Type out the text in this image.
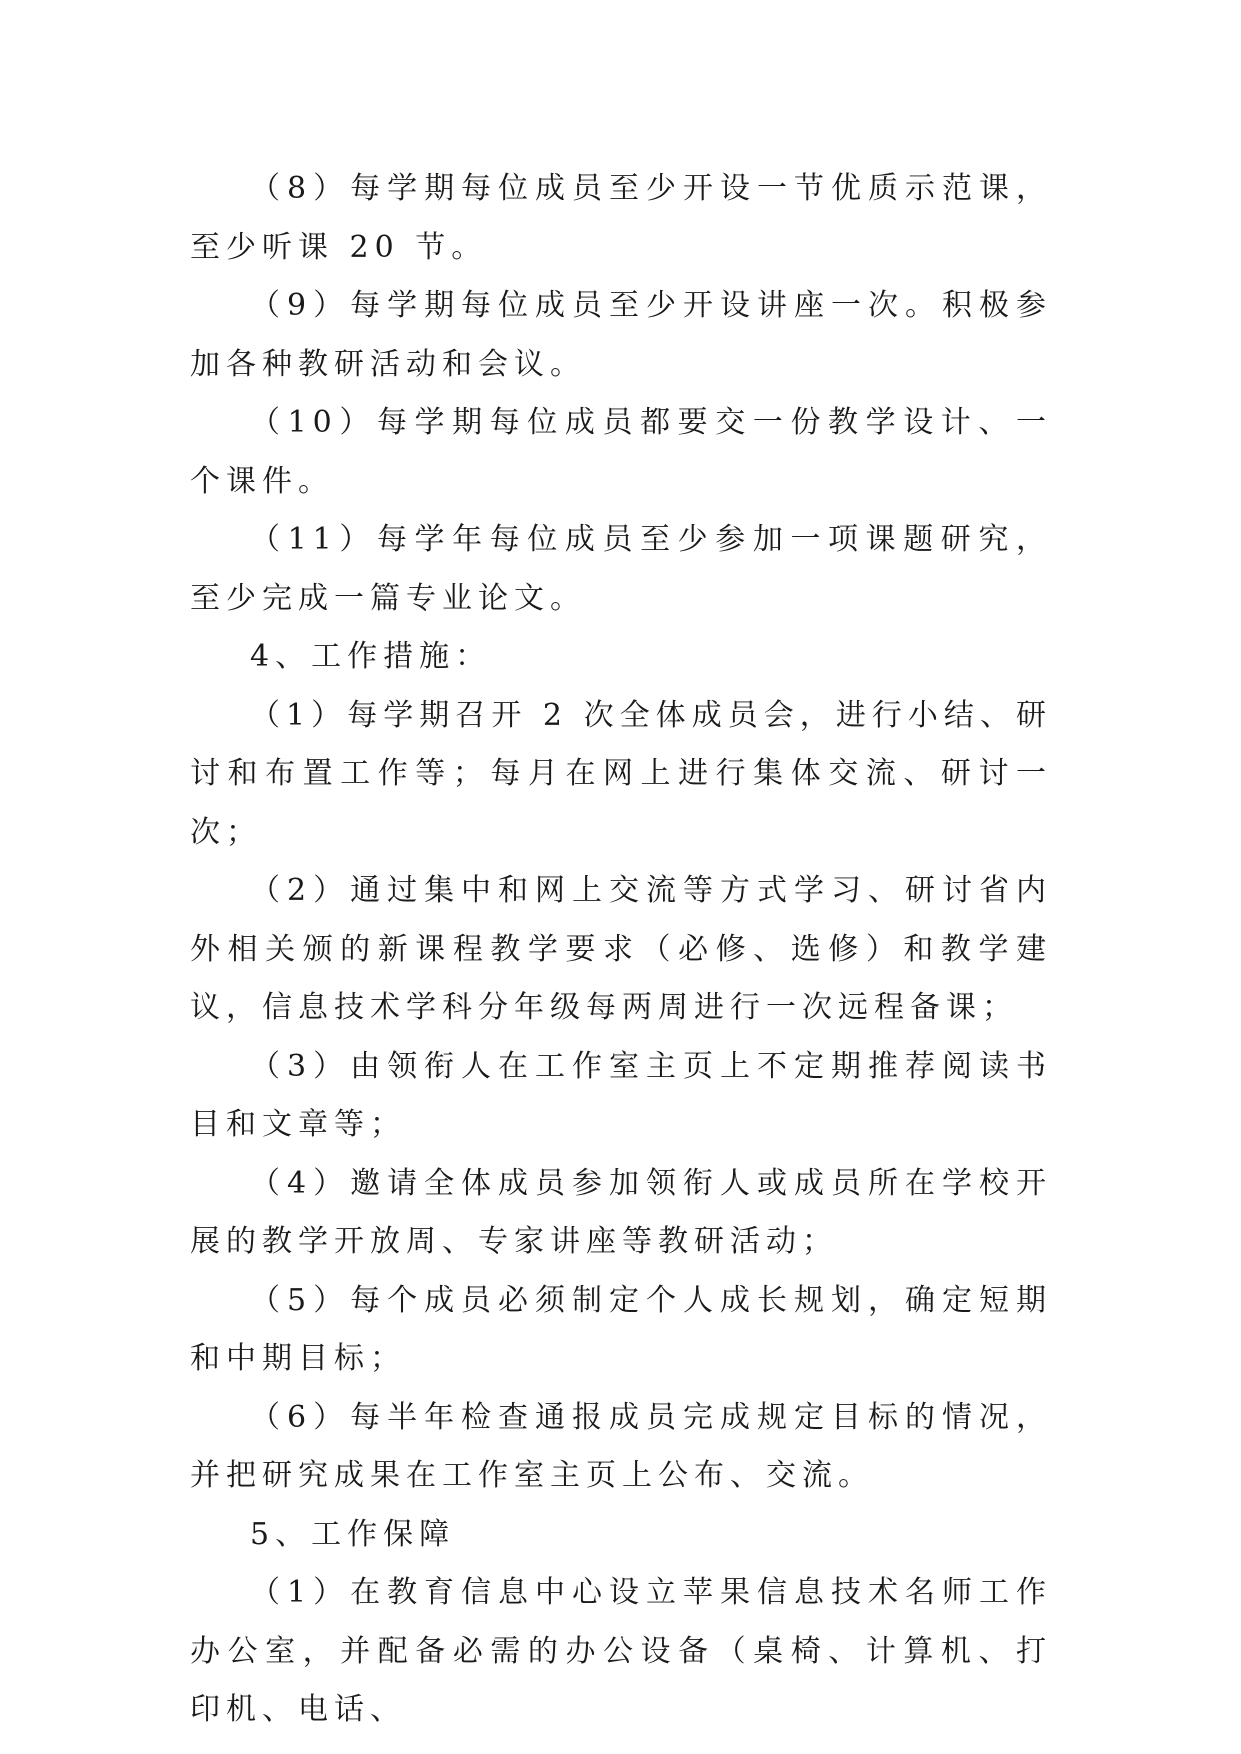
（8）每学期每位成员至少开设一节优质示范课，至少听课 20 节。

（9）每学期每位成员至少开设讲座一次。积极参加各种教研活动和会议。

（10）每学期每位成员都要交一份教学设计、一个课件。

（11）每学年每位成员至少参加一项课题研究，至少完成一篇专业论文。

4、工作措施：

（1）每学期召开 2 次全体成员会，进行小结、研讨和布置工作等；每月在网上进行集体交流、研讨一次；

（2）通过集中和网上交流等方式学习、研讨省内外相关颁的新课程教学要求（必修、选修）和教学建议，信息技术学科分年级每两周进行一次远程备课；

（3）由领衔人在工作室主页上不定期推荐阅读书目和文章等；

（4）邀请全体成员参加领衔人或成员所在学校开展的教学开放周、专家讲座等教研活动；

（5）每个成员必须制定个人成长规划，确定短期和中期目标；

（6）每半年检查通报成员完成规定目标的情况，并把研究成果在工作室主页上公布、交流。

5、工作保障

（1）在教育信息中心设立苹果信息技术名师工作办公室，并配备必需的办公设备（桌椅、计算机、打印机、电话、
